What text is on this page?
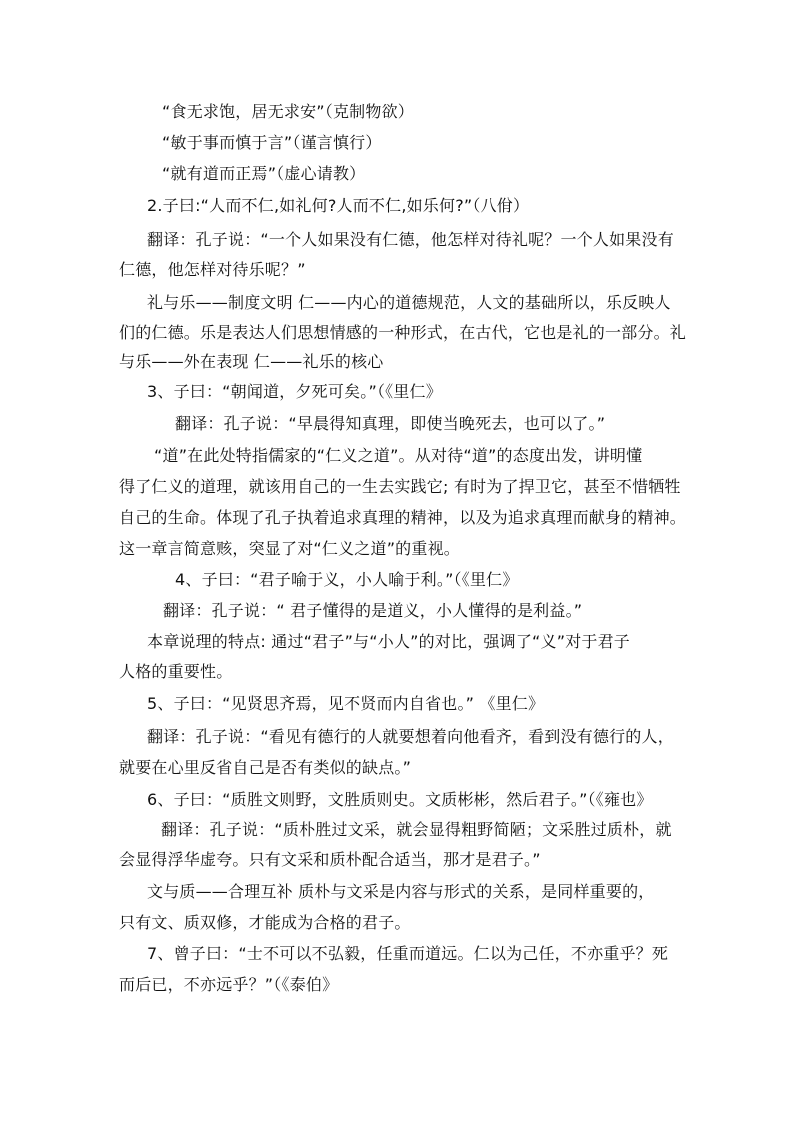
“食无求饱，居无求安”（克制物欲）
“敏于事而慎于言”（谨言慎行）
“就有道而正焉”（虚心请教）
2.子曰:“人而不仁,如礼何?人而不仁,如乐何?”（八佾）
翻译：孔子说：“一个人如果没有仁德，他怎样对待礼呢？一个人如果没有
仁德，他怎样对待乐呢？”
礼与乐——制度文明 仁——内心的道德规范，人文的基础所以，乐反映人
们的仁德。乐是表达人们思想情感的一种形式，在古代，它也是礼的一部分。礼
与乐——外在表现 仁——礼乐的核心
3、子曰：“朝闻道，夕死可矣。”（《里仁》
翻译：孔子说：“早晨得知真理，即使当晚死去，也可以了。”
“道”在此处特指儒家的“仁义之道”。从对待“道”的态度出发，讲明懂
得了仁义的道理，就该用自己的一生去实践它; 有时为了捍卫它，甚至不惜牺牲
自己的生命。体现了孔子执着追求真理的精神，以及为追求真理而献身的精神。
这一章言简意赅，突显了对“仁义之道”的重视。
4、子曰：“君子喻于义，小人喻于利。”（《里仁》
翻译：孔子说：“ 君子懂得的是道义，小人懂得的是利益。”
本章说理的特点: 通过“君子”与“小人”的对比，强调了“义”对于君子
人格的重要性。
5、子曰：“见贤思齐焉，见不贤而内自省也。” 《里仁》
翻译：孔子说：“看见有德行的人就要想着向他看齐，看到没有德行的人，
就要在心里反省自己是否有类似的缺点。”
6、子曰：“质胜文则野，文胜质则史。文质彬彬，然后君子。”（《雍也》
翻译：孔子说：“质朴胜过文采，就会显得粗野简陋；文采胜过质朴，就
会显得浮华虚夸。只有文采和质朴配合适当，那才是君子。”
文与质——合理互补 质朴与文采是内容与形式的关系，是同样重要的，
只有文、质双修，才能成为合格的君子。
7、曾子曰：“士不可以不弘毅，任重而道远。仁以为己任，不亦重乎？死
而后已，不亦远乎？”（《泰伯》
